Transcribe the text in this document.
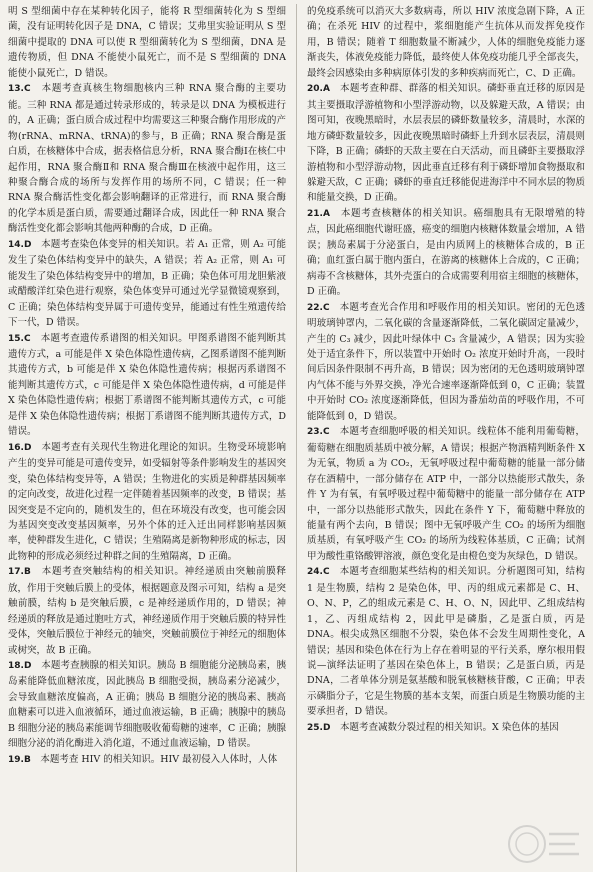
明 S 型细菌中存在某种转化因子，能将 R 型细菌转化为 S 型细菌，没有证明转化因子是 DNA，C 错误；艾弗里实验证明从 S 型细菌中提取的 DNA 可以使 R 型细菌转化为 S 型细菌，DNA 是遗传物质，但 DNA 不能使小鼠死亡，而不是 S 型细菌的 DNA 能使小鼠死亡，D 错误。

13.C　 本题考查真核生物细胞核内三种 RNA 聚合酶的主要功能。三种 RNA 都是通过转录形成的，转录是以 DNA 为模板进行的，A 正确；蛋白质合成过程中均需要这三种聚合酶作用形成的产物(rRNA、mRNA、tRNA)的参与，B 正确；RNA 聚合酶是蛋白质，在核糖体中合成，据表格信息分析，RNA 聚合酶Ⅰ在核仁中起作用，RNA 聚合酶Ⅱ和 RNA 聚合酶Ⅲ在核液中起作用，这三种聚合酶合成的场所与发挥作用的场所不同，C 错误；任一种 RNA 聚合酶活性变化都会影响翻译的正常进行，而 RNA 聚合酶的化学本质是蛋白质，需要通过翻译合成，因此任一种 RNA 聚合酶活性变化都会影响其他两种酶的合成，D 正确。

14.D　 本题考查染色体变异的相关知识。若 A₁ 正常，则 A₂ 可能发生了染色体结构变异中的缺失，A 错误；若 A₂ 正常，则 A₁ 可能发生了染色体结构变异中的增加，B 正确；染色体可用龙胆紫液或醋酸洋红染色进行观察，染色体变异可通过光学显微镜观察到，C 正确；染色体结构变异属于可遗传变异，能通过有性生殖遗传给下一代，D 错误。

15.C　 本题考查遗传系谱图的相关知识。甲图系谱图不能判断其遗传方式，a 可能是伴 X 染色体隐性遗传病，乙图系谱图不能判断其遗传方式，b 可能是伴 X 染色体隐性遗传病；根据丙系谱图不能判断其遗传方式，c 可能是伴 X 染色体隐性遗传病，d 可能是伴 X 染色体隐性遗传病；根据丁系谱图不能判断其遗传方式，c 可能是伴 X 染色体隐性遗传病；根据丁系谱图不能判断其遗传方式，D 错误。

16.D　 本题考查有关现代生物进化理论的知识。生物受环境影响产生的变异可能是可遗传变异，如受辐射等条件影响发生的基因突变，染色体结构变异等，A 错误；生物进化的实质是种群基因频率的定向改变，故进化过程一定伴随着基因频率的改变，B 错误；基因突变是不定向的，随机发生的，但在环境没有改变，也可能会因为基因突变改变基因频率，另外个体的迁入迁出同样影响基因频率，使种群发生进化，C 错误；生殖隔离是新物种形成的标志，因此物种的形成必须经过种群之间的生殖隔离，D 正确。

17.B　 本题考查突触结构的相关知识。神经递质由突触前膜释放，作用于突触后膜上的受体，根据题意及图示可知，结构 a 是突触前膜，结构 b 是突触后膜，c 是神经递质作用的，D 错误；神经递质的释放是通过胞吐方式，神经递质作用于突触后膜的特异性受体，突触后膜位于神经元的轴突，突触前膜位于神经元的细胞体或树突，故 B 正确。

18.D　 本题考查胰腺的相关知识。胰岛 B 细胞能分泌胰岛素，胰岛素能降低血糖浓度，因此胰岛 B 细胞受损，胰岛素分泌减少，会导致血糖浓度偏高，A 正确；胰岛 B 细胞分泌的胰岛素、胰高血糖素可以进入血液循环，通过血液运输，B 正确；胰腺中的胰岛 B 细胞分泌的胰岛素能调节细胞吸收葡萄糖的速率，C 正确；胰腺细胞分泌的消化酶进入消化道，不通过血液运输，D 错误。

19.B　 本题考查 HIV 的相关知识。HIV 最初侵入人体时，人体

的免疫系统可以消灭大多数病毒，所以 HIV 浓度急剧下降，A 正确；在杀死 HIV 的过程中，浆细胞能产生抗体从而发挥免疫作用，B 错误；随着 T 细胞数量不断减少，人体的细胞免疫能力逐渐丧失，体液免疫能力降低，最终使人体免疫功能几乎全部丧失，最终会因感染由多种病原体引发的多种疾病而死亡，C、D 正确。

20.A　 本题考查种群、群落的相关知识。磷虾垂直迁移的原因是其主要摄取浮游植物和小型浮游动物，以及躲避天敌，A 错误；由图可知，夜晚黑暗时，水层表层的磷虾数量较多，清晨时，水深的地方磷虾数量较多，因此夜晚黑暗时磷虾上升到水层表层，清晨则下降，B 正确；磷虾的天敌主要在白天活动，而且磷虾主要摄取浮游植物和小型浮游动物，因此垂直迁移有利于磷虾增加食物摄取和躲避天敌，C 正确；磷虾的垂直迁移能促进海洋中不同水层的物质和能量交换，D 正确。

21.A　 本题考查核糖体的相关知识。癌细胞具有无限增殖的特点，因此癌细胞代谢旺盛，癌变的细胞内核糖体数量会增加，A 错误；胰岛素属于分泌蛋白，是由内质网上的核糖体合成的，B 正确；血红蛋白属于胞内蛋白，在游离的核糖体上合成的，C 正确；病毒不含核糖体，其外壳蛋白的合成需要利用宿主细胞的核糖体，D 正确。

22.C　 本题考查光合作用和呼吸作用的相关知识。密闭的无色透明玻璃钟罩内，二氧化碳的含量逐渐降低，二氧化碳固定量减少，产生的 C₃ 减少，因此叶绿体中 C₃ 含量减少，A 错误；因为实验处于适宜条件下，所以装置中开始时 O₂ 浓度开始时升高，一段时间后因条件限制不再升高，B 错误；因为密闭的无色透明玻璃钟罩内气体不能与外界交换，净光合速率逐渐降低到 0，C 正确；装置中开始时 CO₂ 浓度逐渐降低，但因为番茄幼苗的呼吸作用，不可能降低到 0，D 错误。

23.C　 本题考查细胞呼吸的相关知识。线粒体不能利用葡萄糖，葡萄糖在细胞质基质中被分解，A 错误；根据产物酒精判断条件 X 为无氧，物质 a 为 CO₂，无氧呼吸过程中葡萄糖的能量一部分储存在酒精中，一部分储存在 ATP 中，一部分以热能形式散失，条件 Y 为有氧，有氧呼吸过程中葡萄糖中的能量一部分储存在 ATP 中，一部分以热能形式散失，因此在条件 Y 下，葡萄糖中释放的能量有两个去向，B 错误；图中无氧呼吸产生 CO₂ 的场所为细胞质基质，有氧呼吸产生 CO₂ 的场所为线粒体基质，C 正确；试剂甲为酸性重铬酸钾溶液，颜色变化是由橙色变为灰绿色，D 错误。

24.C　 本题考查细胞某些结构的相关知识。分析题图可知，结构 1 是生物膜，结构 2 是染色体，甲、丙的组成元素都是 C、H、O、N、P，乙的组成元素是 C、H、O、N，因此甲、乙组成结构 1，乙、丙组成结构 2，因此甲是磷脂，乙是蛋白质，丙是 DNA。根尖成熟区细胞不分裂，染色体不会发生周期性变化，A 错误；基因和染色体在行为上存在着明显的平行关系，摩尔根用假说—演绎法证明了基因在染色体上，B 错误；乙是蛋白质，丙是 DNA，二者单体分别是氨基酸和脱氧核糖核苷酸，C 正确；甲表示磷脂分子，它是生物膜的基本支架，而蛋白质是生物膜功能的主要承担者，D 错误。

25.D　 本题考查减数分裂过程的相关知识。X 染色体的基因
